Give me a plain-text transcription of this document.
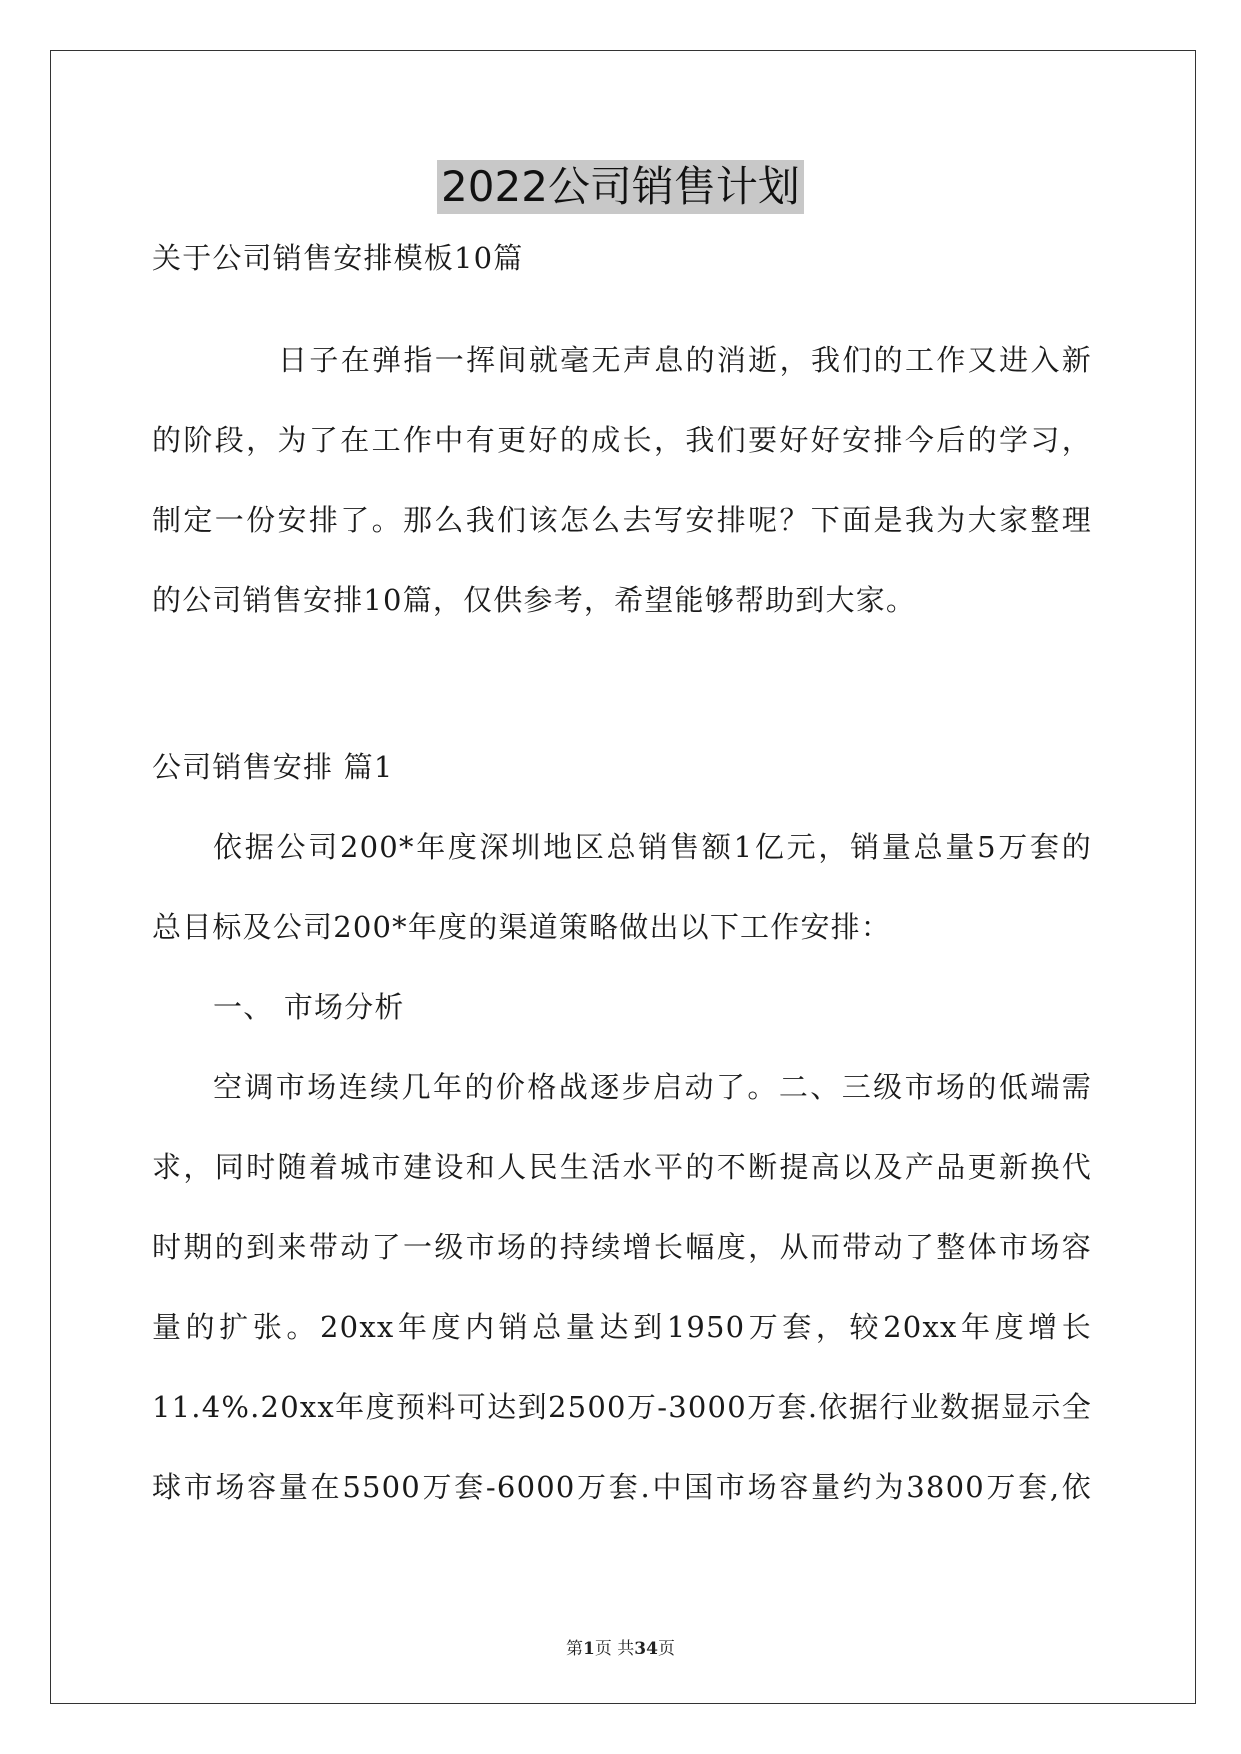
2022公司销售计划
关于公司销售安排模板10篇
日子在弹指一挥间就毫无声息的消逝，我们的工作又进入新
的阶段，为了在工作中有更好的成长，我们要好好安排今后的学习，
制定一份安排了。那么我们该怎么去写安排呢？下面是我为大家整理
的公司销售安排10篇，仅供参考，希望能够帮助到大家。
公司销售安排 篇1
依据公司200*年度深圳地区总销售额1亿元，销量总量5万套的
总目标及公司200*年度的渠道策略做出以下工作安排：
一、 市场分析
空调市场连续几年的价格战逐步启动了。二、三级市场的低端需
求，同时随着城市建设和人民生活水平的不断提高以及产品更新换代
时期的到来带动了一级市场的持续增长幅度，从而带动了整体市场容
量的扩张。20xx年度内销总量达到1950万套，较20xx年度增长
11.4%.20xx年度预料可达到2500万-3000万套.依据行业数据显示全
球市场容量在5500万套-6000万套.中国市场容量约为3800万套,依
第1页 共34页
